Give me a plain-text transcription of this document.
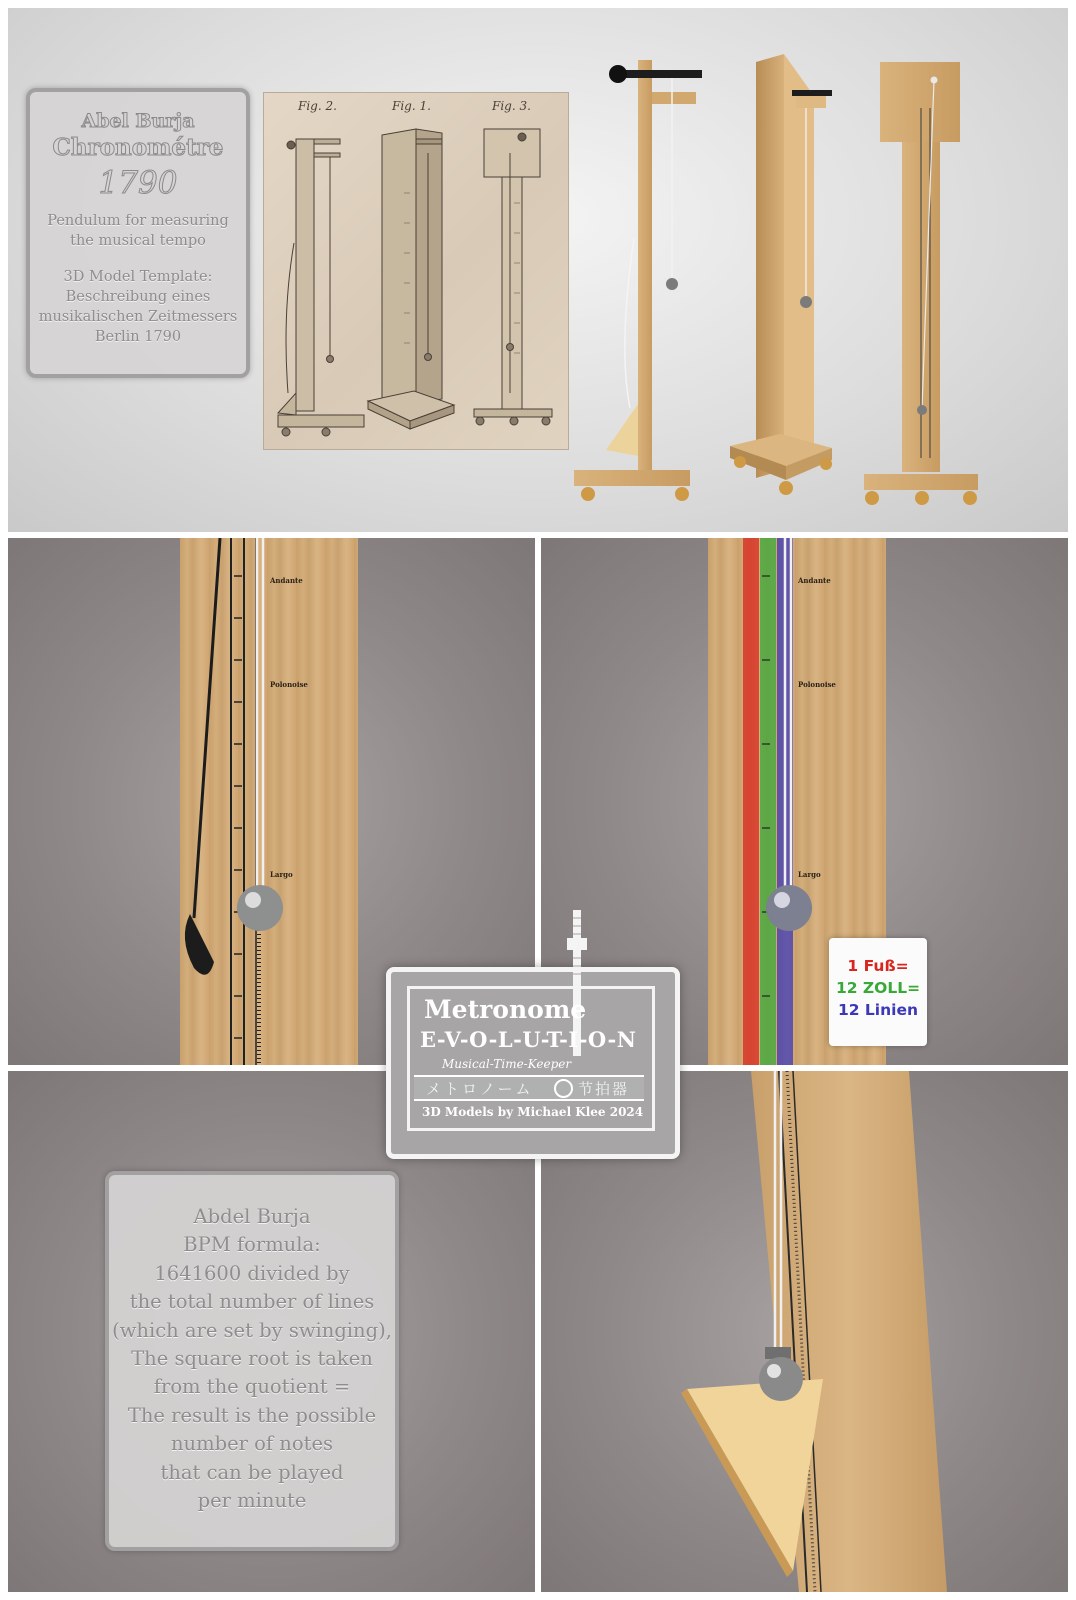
Abel Burja
Chronométre
1790
Pendulum for measuring
the musical tempo
3D Model Template:
Beschreibung eines
musikalischen Zeitmessers
Berlin 1790
Fig. 2.	Fig. 1.	Fig. 3.
Andante
Polonoise
Largo
Andante
Polonoise
Largo
Abdel Burja
BPM formula:
1641600 divided by
the total number of lines
(which are set by swinging),
The square root is taken
from the quotient =
The result is the possible
number of notes
that can be played
per minute
1 Fuß=
12 ZOLL=
12 Linien
Metronome
E-V-O-L-U-T-I-O-N
Musical-Time-Keeper
メトロノーム	节拍器
3D Models by Michael Klee 2024
